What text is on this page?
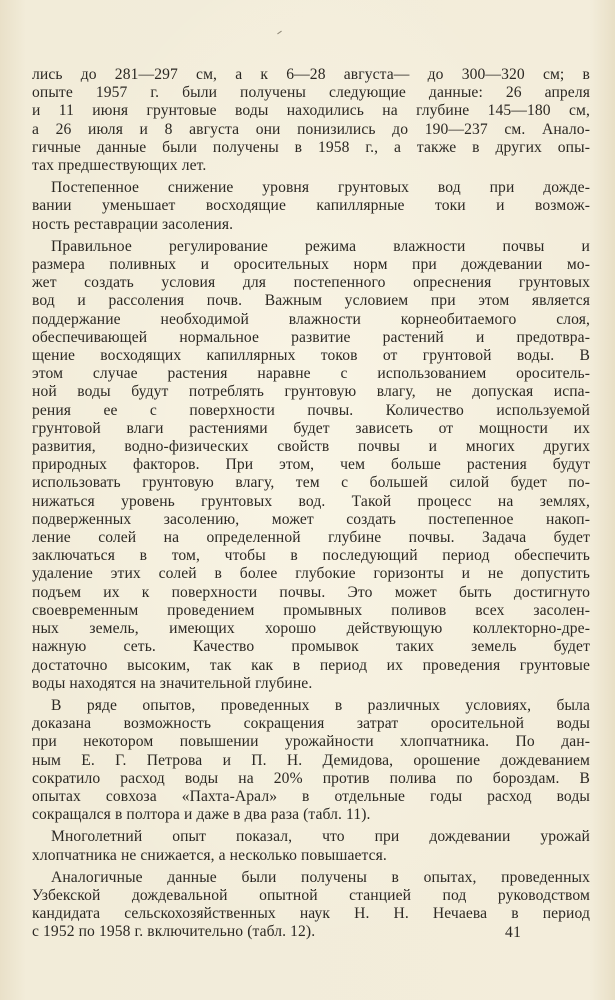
лись до 281—297 см, а к 6—28 августа— до 300—320 см; в
опыте 1957 г. были получены следующие данные: 26 апреля
и 11 июня грунтовые воды находились на глубине 145—180 см,
а 26 июля и 8 августа они понизились до 190—237 см. Анало-
гичные данные были получены в 1958 г., а также в других опы-
тах предшествующих лет.

Постепенное снижение уровня грунтовых вод при дожде-
вании уменьшает восходящие капиллярные токи и возмож-
ность реставрации засоления.

Правильное регулирование режима влажности почвы и
размера поливных и оросительных норм при дождевании мо-
жет создать условия для постепенного опреснения грунтовых
вод и рассоления почв. Важным условием при этом является
поддержание необходимой влажности корнеобитаемого слоя,
обеспечивающей нормальное развитие растений и предотвра-
щение восходящих капиллярных токов от грунтовой воды. В
этом случае растения наравне с использованием ороситель-
ной воды будут потреблять грунтовую влагу, не допуская испа-
рения ее с поверхности почвы. Количество используемой
грунтовой влаги растениями будет зависеть от мощности их
развития, водно-физических свойств почвы и многих других
природных факторов. При этом, чем больше растения будут
использовать грунтовую влагу, тем с большей силой будет по-
нижаться уровень грунтовых вод. Такой процесс на землях,
подверженных засолению, может создать постепенное накоп-
ление солей на определенной глубине почвы. Задача будет
заключаться в том, чтобы в последующий период обеспечить
удаление этих солей в более глубокие горизонты и не допустить
подъем их к поверхности почвы. Это может быть достигнуто
своевременным проведением промывных поливов всех засолен-
ных земель, имеющих хорошо действующую коллекторно-дре-
нажную сеть. Качество промывок таких земель будет
достаточно высоким, так как в период их проведения грунтовые
воды находятся на значительной глубине.

В ряде опытов, проведенных в различных условиях, была
доказана возможность сокращения затрат оросительной воды
при некотором повышении урожайности хлопчатника. По дан-
ным Е. Г. Петрова и П. Н. Демидова, орошение дождеванием
сократило расход воды на 20% против полива по бороздам. В
опытах совхоза «Пахта-Арал» в отдельные годы расход воды
сокращался в полтора и даже в два раза (табл. 11).

Многолетний опыт показал, что при дождевании урожай
хлопчатника не снижается, а несколько повышается.

Аналогичные данные были получены в опытах, проведенных
Узбекской дождевальной опытной станцией под руководством
кандидата сельскохозяйственных наук Н. Н. Нечаева в период
с 1952 по 1958 г. включительно (табл. 12).	41
